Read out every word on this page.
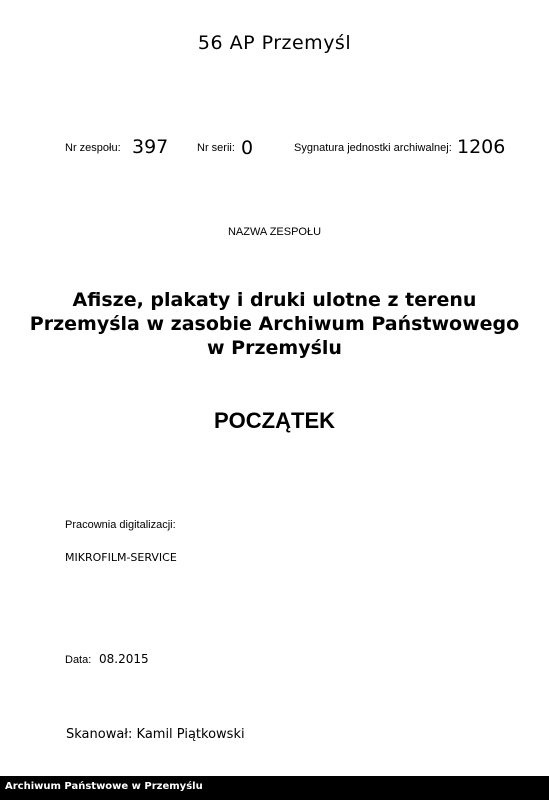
56 AP Przemyśl
Nr zespołu: 397	Nr serii: 0	Sygnatura jednostki archiwalnej: 1206
NAZWA ZESPOŁU
Afisze, plakaty i druki ulotne z terenu
Przemyśla w zasobie Archiwum Państwowego
w Przemyślu
POCZĄTEK
Pracownia digitalizacji:
MIKROFILM-SERVICE
Data: 08.2015
Skanował: Kamil Piątkowski
Archiwum Państwowe w Przemyślu
